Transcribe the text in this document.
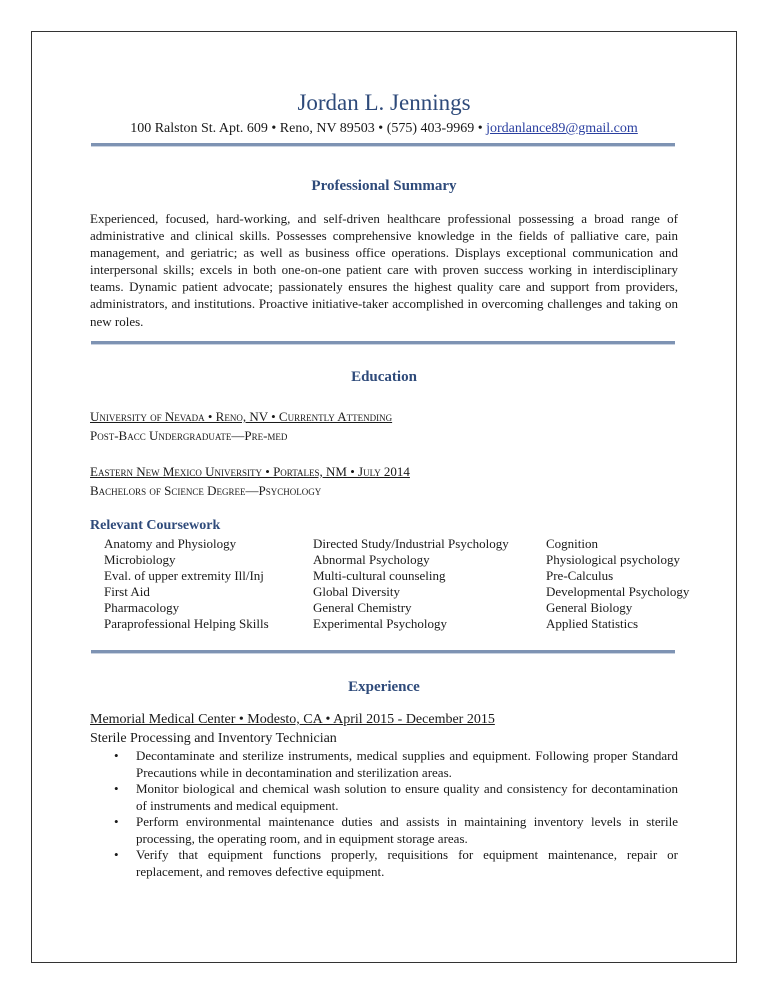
Jordan L. Jennings
100 Ralston St. Apt. 609 • Reno, NV 89503 • (575) 403-9969 • jordanlance89@gmail.com
Professional Summary

Experienced, focused, hard-working, and self-driven healthcare professional possessing a broad range of administrative and clinical skills. Possesses comprehensive knowledge in the fields of palliative care, pain management, and geriatric; as well as business office operations. Displays exceptional communication and interpersonal skills; excels in both one-on-one patient care with proven success working in interdisciplinary teams. Dynamic patient advocate; passionately ensures the highest quality care and support from providers, administrators, and institutions. Proactive initiative-taker accomplished in overcoming challenges and taking on new roles.

Education
University of Nevada • Reno, NV • Currently Attending
Post-Bacc Undergraduate—Pre-med
Eastern New Mexico University • Portales, NM • July 2014
Bachelors of Science Degree—Psychology
Relevant Coursework
Anatomy and Physiology
Microbiology
Eval. of upper extremity Ill/Inj
First Aid
Pharmacology
Paraprofessional Helping Skills
Directed Study/Industrial Psychology
Abnormal Psychology
Multi-cultural counseling
Global Diversity
General Chemistry
Experimental Psychology
Cognition
Physiological psychology
Pre-Calculus
Developmental Psychology
General Biology
Applied Statistics
Experience
Memorial Medical Center • Modesto, CA • April 2015 - December 2015
Sterile Processing and Inventory Technician
• Decontaminate and sterilize instruments, medical supplies and equipment. Following proper Standard Precautions while in decontamination and sterilization areas.
• Monitor biological and chemical wash solution to ensure quality and consistency for decontamination of instruments and medical equipment.
• Perform environmental maintenance duties and assists in maintaining inventory levels in sterile processing, the operating room, and in equipment storage areas.
• Verify that equipment functions properly, requisitions for equipment maintenance, repair or replacement, and removes defective equipment.
